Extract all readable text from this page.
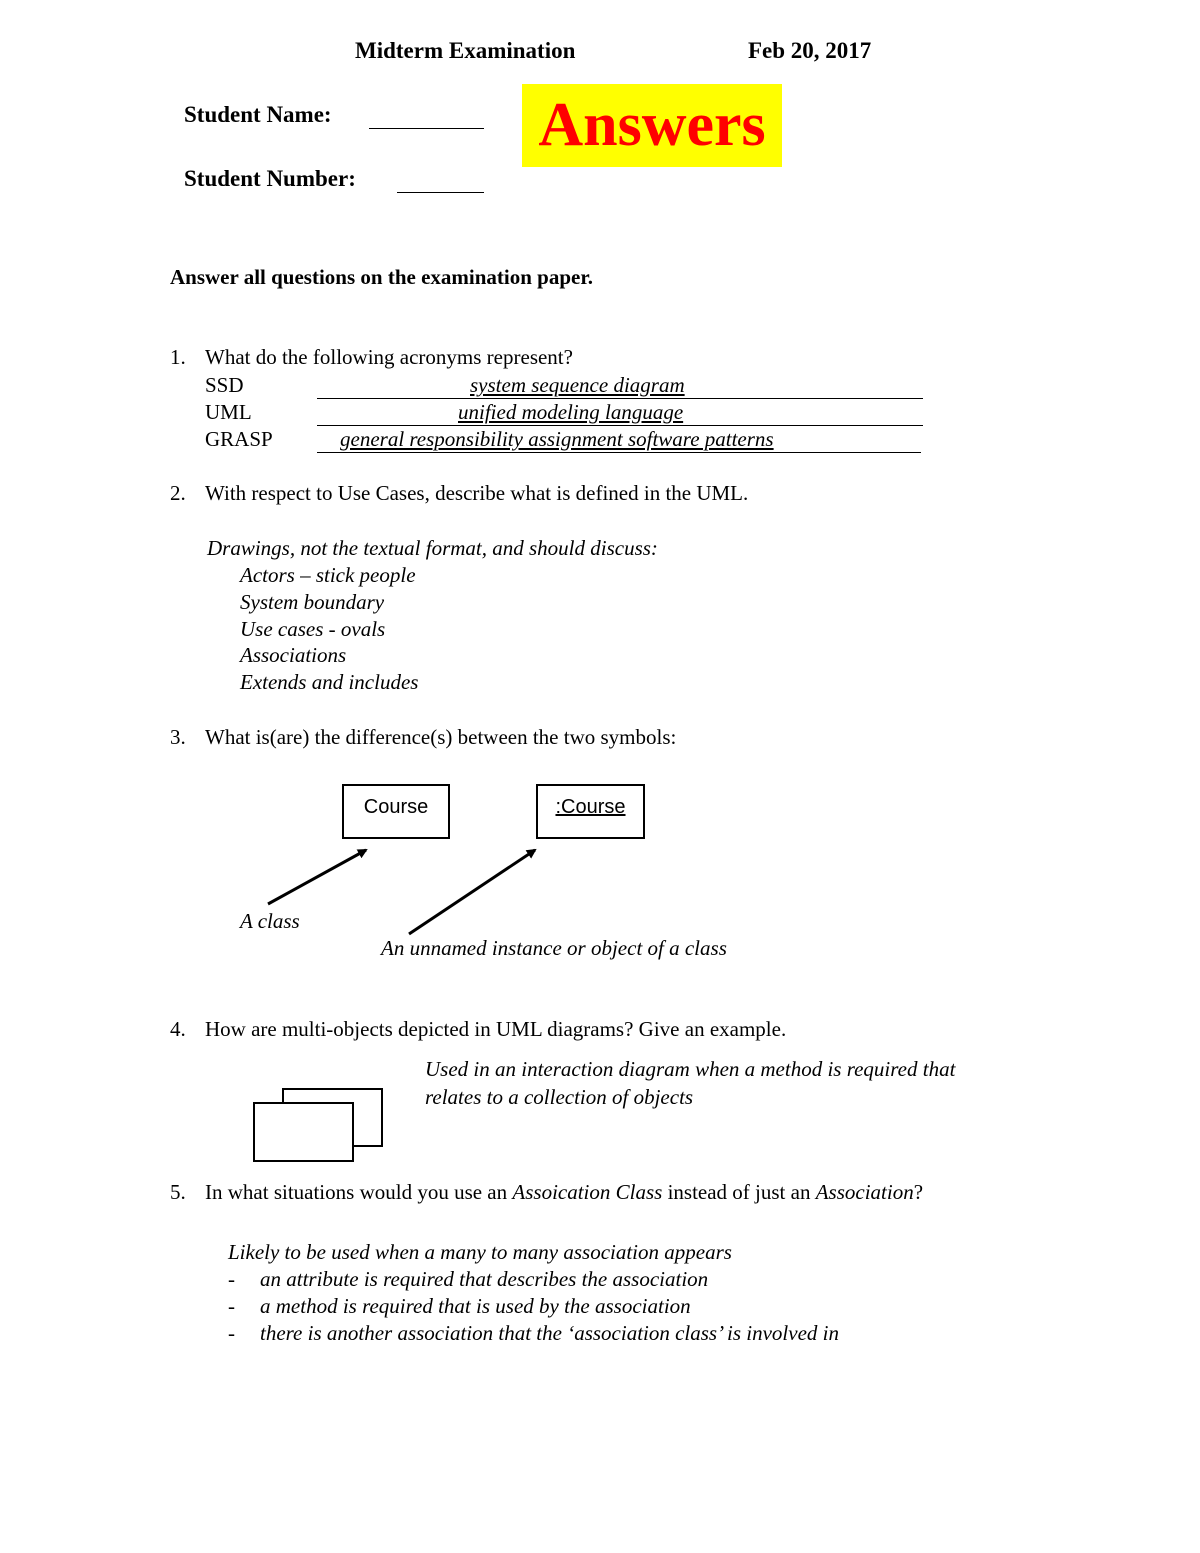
Midterm Examination	Feb 20, 2017
Student Name:
Student Number:
Answers
Answer all questions on the examination paper.
1. What do the following acronyms represent?
SSD	system sequence diagram
UML	unified modeling language
GRASP	general responsibility assignment software patterns
2. With respect to Use Cases, describe what is defined in the UML.
Drawings, not the textual format, and should discuss:
Actors – stick people
System boundary
Use cases - ovals
Associations
Extends and includes
3. What is(are) the difference(s) between the two symbols:
Course	:Course
A class
An unnamed instance or object of a class
4. How are multi-objects depicted in UML diagrams? Give an example.
Used in an interaction diagram when a method is required that
relates to a collection of objects
5. In what situations would you use an Assoication Class instead of just an Association?
Likely to be used when a many to many association appears
- an attribute is required that describes the association
- a method is required that is used by the association
- there is another association that the ‘association class’ is involved in
